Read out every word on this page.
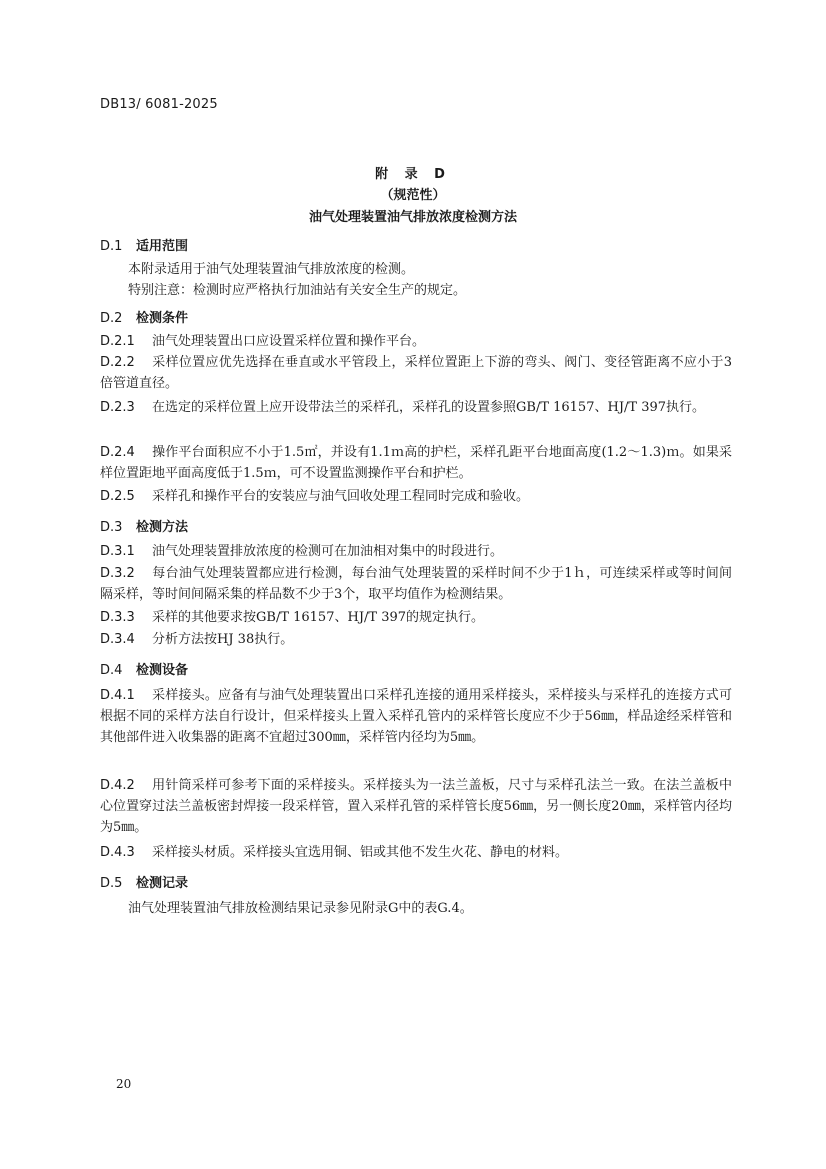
DB13/ 6081-2025
附 录 D
（规范性）
油气处理装置油气排放浓度检测方法
D.1 适用范围
本附录适用于油气处理装置油气排放浓度的检测。
特别注意：检测时应严格执行加油站有关安全生产的规定。
D.2 检测条件
D.2.1 油气处理装置出口应设置采样位置和操作平台。
D.2.2 采样位置应优先选择在垂直或水平管段上，采样位置距上下游的弯头、阀门、变径管距离不应小于3倍管道直径。
D.2.3 在选定的采样位置上应开设带法兰的采样孔，采样孔的设置参照GB/T 16157、HJ/T 397执行。
D.2.4 操作平台面积应不小于1.5㎡，并设有1.1ｍ高的护栏，采样孔距平台地面高度(1.2～1.3)ｍ。如果采样位置距地平面高度低于1.5ｍ，可不设置监测操作平台和护栏。
D.2.5 采样孔和操作平台的安装应与油气回收处理工程同时完成和验收。
D.3 检测方法
D.3.1 油气处理装置排放浓度的检测可在加油相对集中的时段进行。
D.3.2 每台油气处理装置都应进行检测，每台油气处理装置的采样时间不少于1ｈ，可连续采样或等时间间隔采样，等时间间隔采集的样品数不少于3个，取平均值作为检测结果。
D.3.3 采样的其他要求按GB/T 16157、HJ/T 397的规定执行。
D.3.4 分析方法按HJ 38执行。
D.4 检测设备
D.4.1 采样接头。应备有与油气处理装置出口采样孔连接的通用采样接头，采样接头与采样孔的连接方式可根据不同的采样方法自行设计，但采样接头上置入采样孔管内的采样管长度应不少于56㎜，样品途经采样管和其他部件进入收集器的距离不宜超过300㎜，采样管内径均为5㎜。
D.4.2 用针筒采样可参考下面的采样接头。采样接头为一法兰盖板，尺寸与采样孔法兰一致。在法兰盖板中心位置穿过法兰盖板密封焊接一段采样管，置入采样孔管的采样管长度56㎜，另一侧长度20㎜，采样管内径均为5㎜。
D.4.3 采样接头材质。采样接头宜选用铜、铝或其他不发生火花、静电的材料。
D.5 检测记录
油气处理装置油气排放检测结果记录参见附录G中的表G.4。
20
